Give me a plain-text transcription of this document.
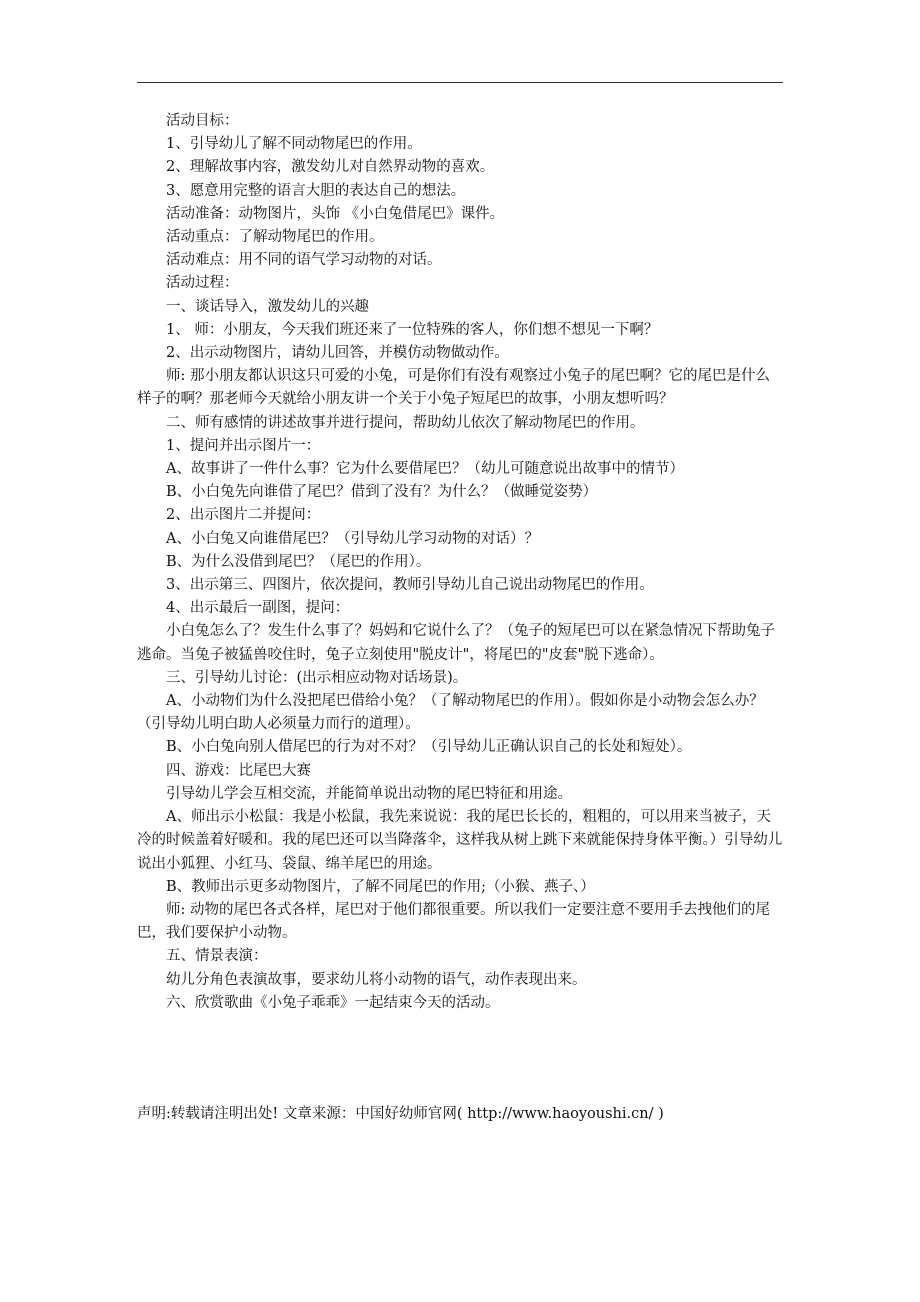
活动目标：

1、引导幼儿了解不同动物尾巴的作用。

2、理解故事内容，激发幼儿对自然界动物的喜欢。

3、愿意用完整的语言大胆的表达自己的想法。

活动准备：动物图片，头饰 《小白兔借尾巴》课件。

活动重点：了解动物尾巴的作用。

活动难点：用不同的语气学习动物的对话。

活动过程：

一、谈话导入，激发幼儿的兴趣

1、 师：小朋友，今天我们班还来了一位特殊的客人，你们想不想见一下啊？

2、出示动物图片，请幼儿回答，并模仿动物做动作。

师: 那小朋友都认识这只可爱的小兔，可是你们有没有观察过小兔子的尾巴啊？它的尾巴是什么样子的啊？那老师今天就给小朋友讲一个关于小兔子短尾巴的故事，小朋友想听吗？

二、师有感情的讲述故事并进行提问，帮助幼儿依次了解动物尾巴的作用。

1、提问并出示图片一：

A、故事讲了一件什么事？它为什么要借尾巴？（幼儿可随意说出故事中的情节）

B、小白兔先向谁借了尾巴？借到了没有？为什么？（做睡觉姿势）

2、出示图片二并提问：

A、小白兔又向谁借尾巴？（引导幼儿学习动物的对话）？

B、为什么没借到尾巴？（尾巴的作用）。

3、出示第三、四图片，依次提问，教师引导幼儿自己说出动物尾巴的作用。

4、出示最后一副图，提问：

小白兔怎么了？发生什么事了？妈妈和它说什么了？（兔子的短尾巴可以在紧急情况下帮助兔子逃命。当兔子被猛兽咬住时，兔子立刻使用"脱皮计"，将尾巴的"皮套"脱下逃命）。

三、引导幼儿讨论：(出示相应动物对话场景)。

A、小动物们为什么没把尾巴借给小兔？（了解动物尾巴的作用）。假如你是小动物会怎么办？（引导幼儿明白助人必须量力而行的道理）。

B、小白兔向别人借尾巴的行为对不对？（引导幼儿正确认识自己的长处和短处）。

四、游戏：比尾巴大赛

引导幼儿学会互相交流，并能简单说出动物的尾巴特征和用途。

A、师出示小松鼠：我是小松鼠，我先来说说：我的尾巴长长的，粗粗的，可以用来当被子，天冷的时候盖着好暖和。我的尾巴还可以当降落伞，这样我从树上跳下来就能保持身体平衡。）引导幼儿说出小狐狸、小红马、袋鼠、绵羊尾巴的用途。

B、教师出示更多动物图片，了解不同尾巴的作用;（小猴、燕子、）

师: 动物的尾巴各式各样，尾巴对于他们都很重要。所以我们一定要注意不要用手去拽他们的尾巴，我们要保护小动物。

五、情景表演：

幼儿分角色表演故事，要求幼儿将小动物的语气，动作表现出来。

六、欣赏歌曲《小兔子乖乖》一起结束今天的活动。

声明:转载请注明出处! 文章来源：中国好幼师官网( http://www.haoyoushi.cn/ )
